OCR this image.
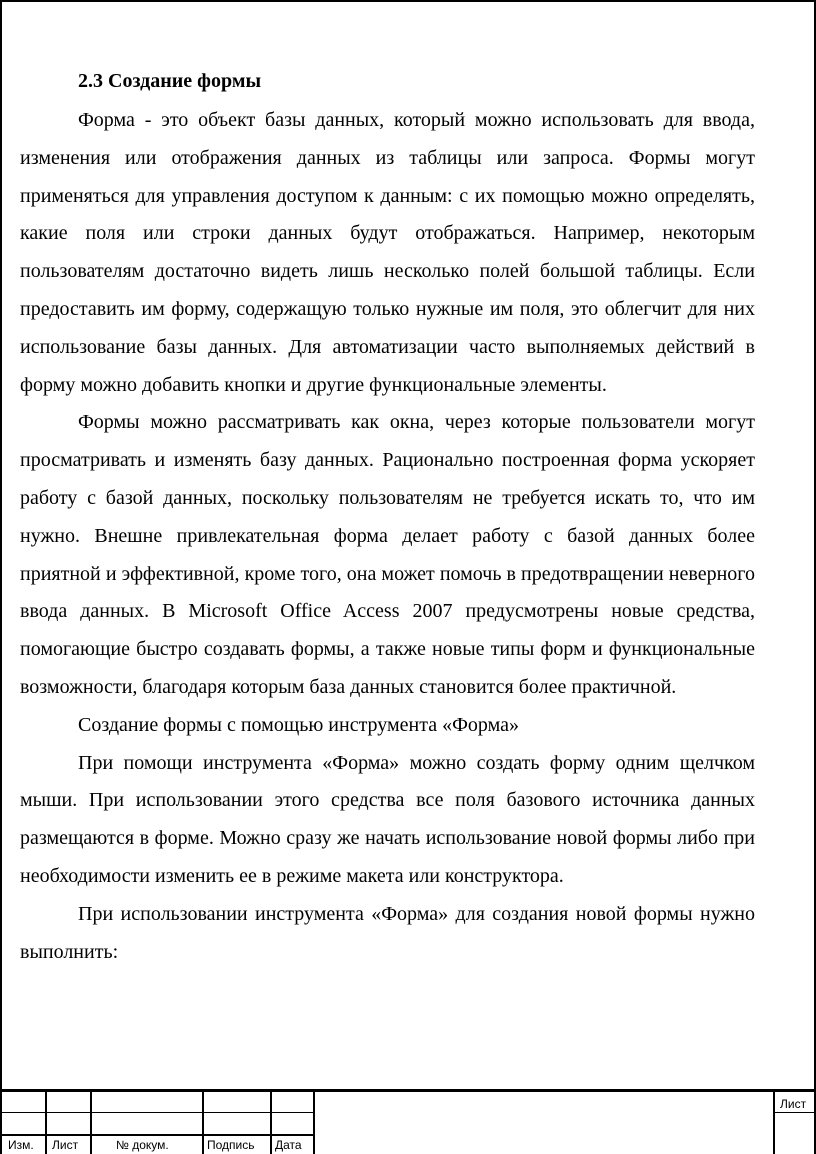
2.3 Создание формы

Форма - это объект базы данных, который можно использовать для ввода, изменения или отображения данных из таблицы или запроса. Формы могут применяться для управления доступом к данным: с их помощью можно определять, какие поля или строки данных будут отображаться. Например, некоторым пользователям достаточно видеть лишь несколько полей большой таблицы. Если предоставить им форму, содержащую только нужные им поля, это облегчит для них использование базы данных. Для автоматизации часто выполняемых действий в форму можно добавить кнопки и другие функциональные элементы.

Формы можно рассматривать как окна, через которые пользователи могут просматривать и изменять базу данных. Рационально построенная форма ускоряет работу с базой данных, поскольку пользователям не требуется искать то, что им нужно. Внешне привлекательная форма делает работу с базой данных более приятной и эффективной, кроме того, она может помочь в предотвращении неверного ввода данных. В Microsoft Office Access 2007 предусмотрены новые средства, помогающие быстро создавать формы, а также новые типы форм и функциональные возможности, благодаря которым база данных становится более практичной.

Создание формы с помощью инструмента «Форма»

При помощи инструмента «Форма» можно создать форму одним щелчком мыши. При использовании этого средства все поля базового источника данных размещаются в форме. Можно сразу же начать использование новой формы либо при необходимости изменить ее в режиме макета или конструктора.

При использовании инструмента «Форма» для создания новой формы нужно выполнить:

Изм. Лист	№ докум.	Подпись Дата
Лист
